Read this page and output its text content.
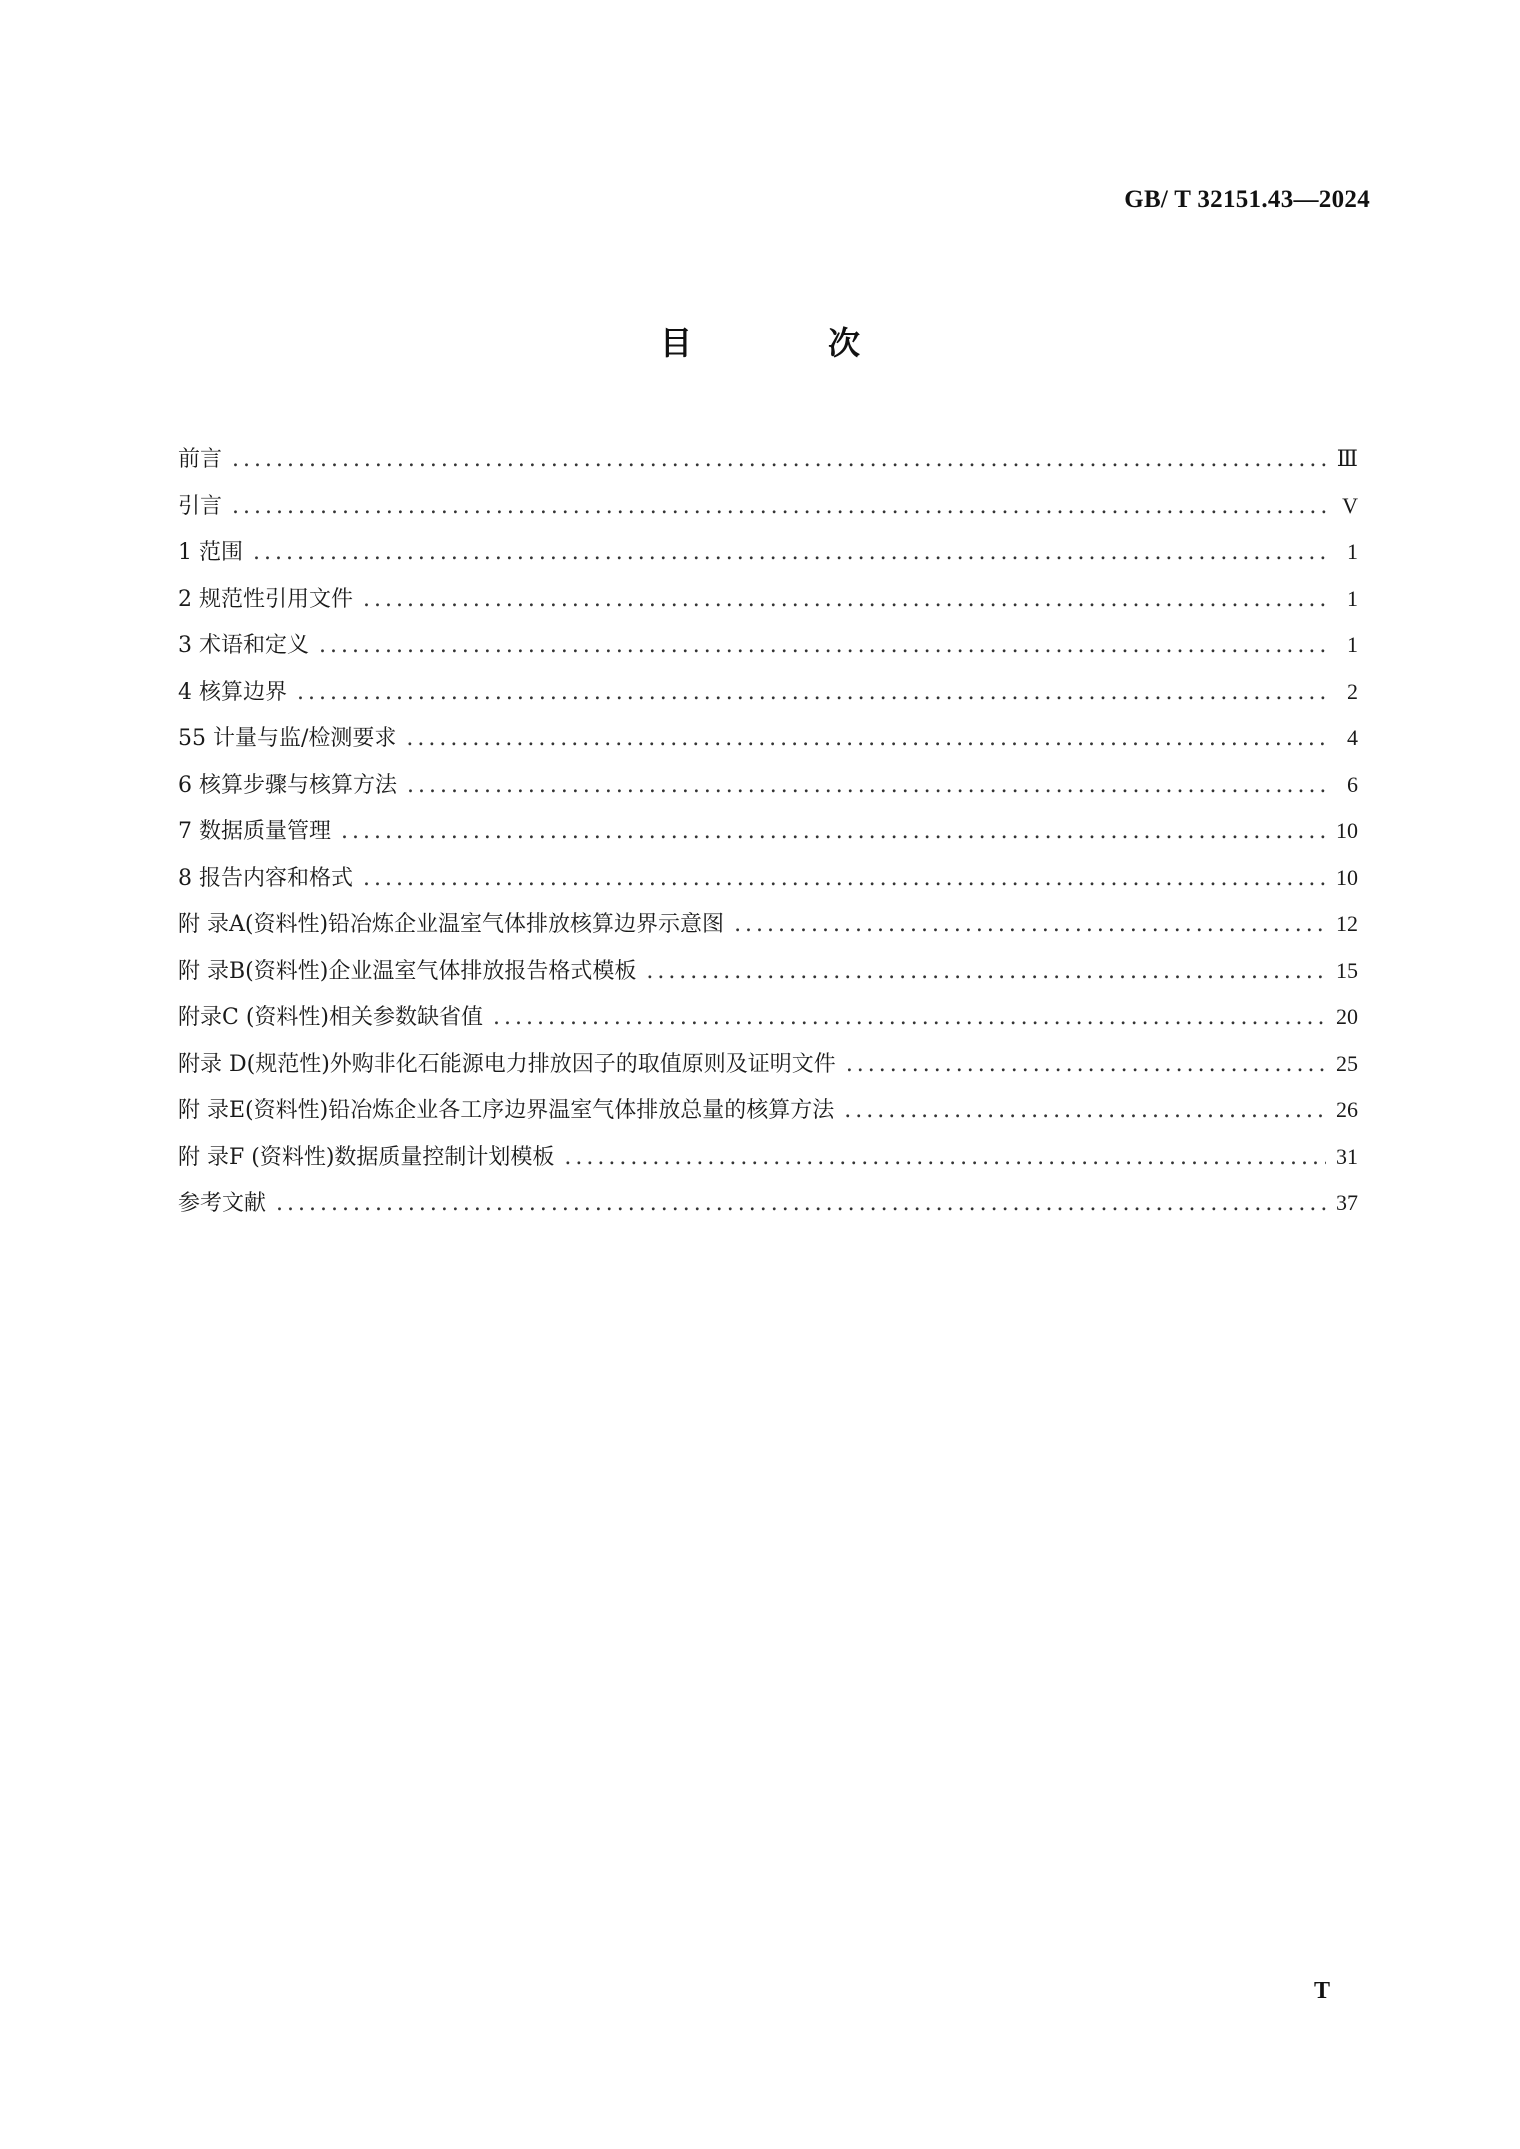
GB/ T 32151.43—2024
目　次
前言 .....	Ⅲ
引言 .....	V
1 范围 .....	1
2 规范性引用文件 .....	1
3 术语和定义 .....	1
4 核算边界 .....	2
55 计量与监/检测要求 .....	4
6 核算步骤与核算方法 .....	6
7 数据质量管理 .....	10
8 报告内容和格式 .....	10
附 录A(资料性)铅冶炼企业温室气体排放核算边界示意图 .....	12
附 录B(资料性)企业温室气体排放报告格式模板 .....	15
附录C (资料性)相关参数缺省值 .....	20
附录 D(规范性)外购非化石能源电力排放因子的取值原则及证明文件 .....	25
附 录E(资料性)铅冶炼企业各工序边界温室气体排放总量的核算方法 .....	26
附 录F (资料性)数据质量控制计划模板 .....	31
参考文献 .....	37
T
